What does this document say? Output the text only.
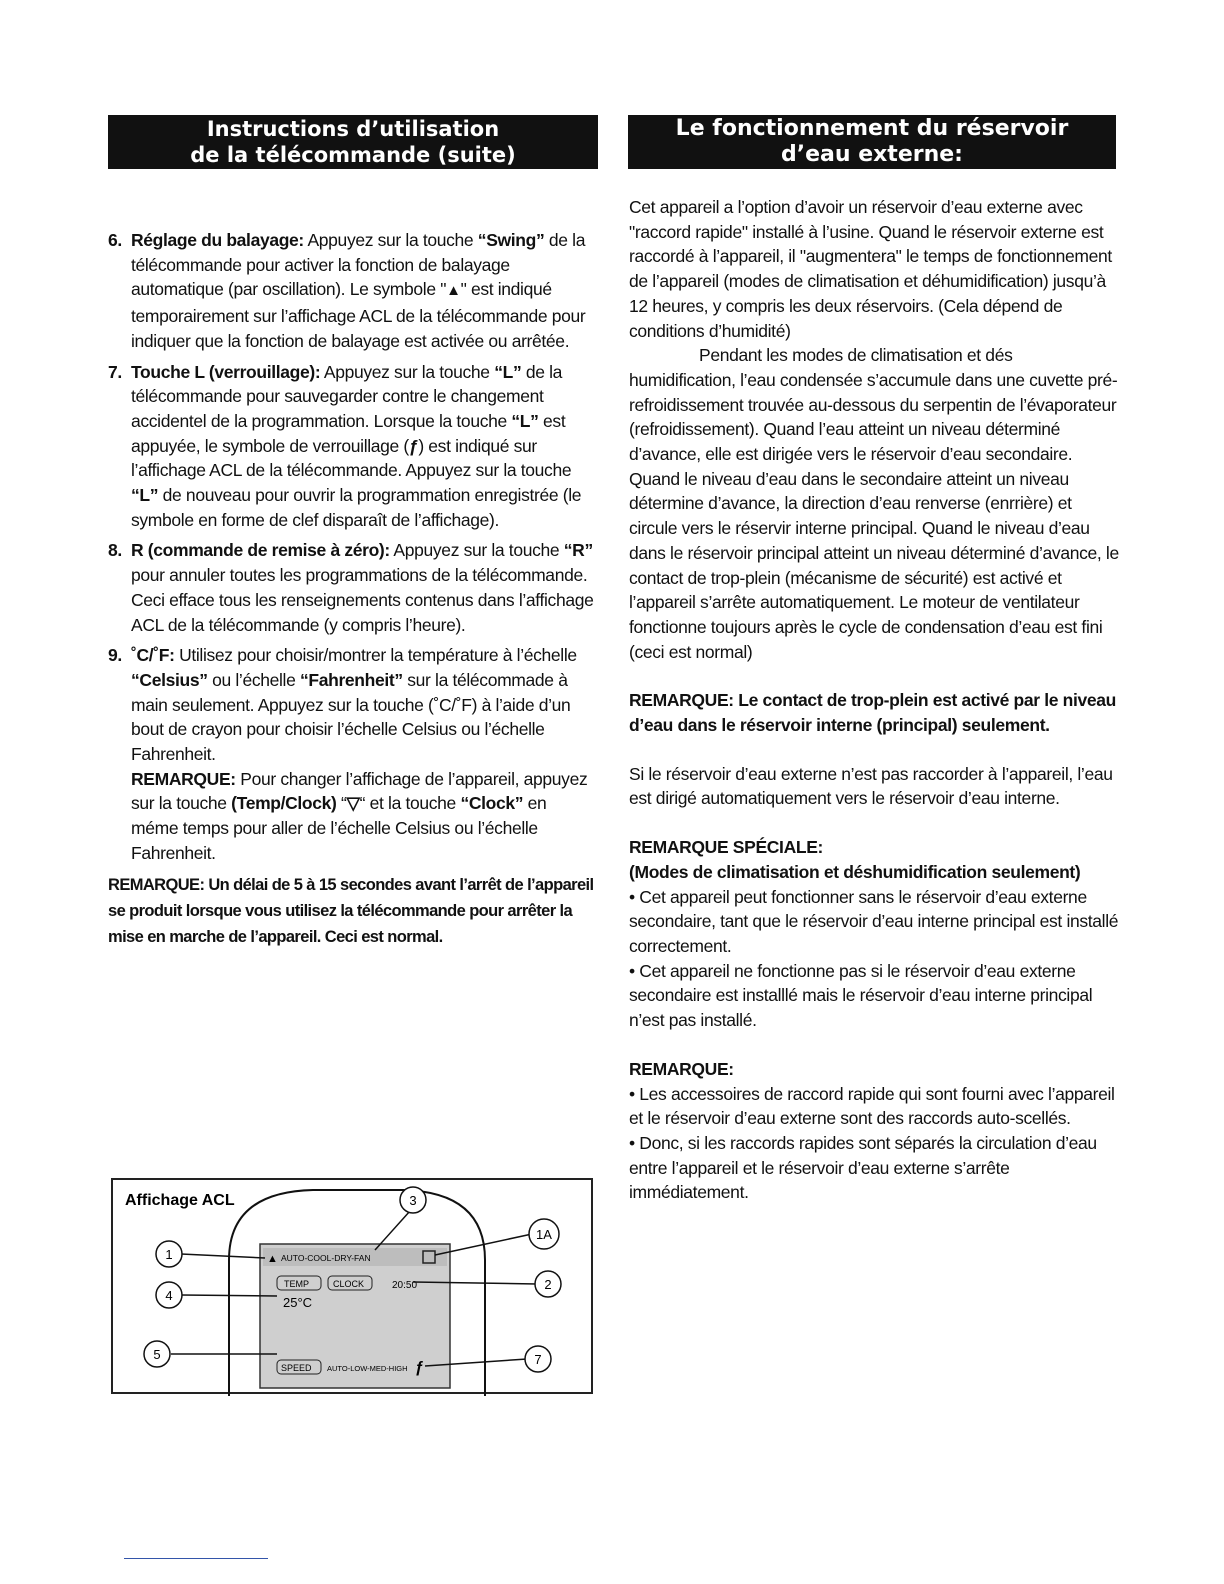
Instructions d’utilisation
de la télécommande (suite)
Le fonctionnement du réservoir
d’eau externe:
6. Réglage du balayage: Appuyez sur la touche “Swing” de la télécommande pour activer la fonction de balayage automatique (par oscillation). Le symbole "▲" est indiqué temporairement sur l’affichage ACL de la télécommande pour indiquer que la fonction de balayage est activée ou arrêtée.
7. Touche L (verrouillage): Appuyez sur la touche “L” de la télécommande pour sauvegarder contre le changement accidentel de la programmation. Lorsque la touche “L” est appuyée, le symbole de verrouillage (ƒ) est indiqué sur l’affichage ACL de la télécommande. Appuyez sur la touche “L” de nouveau pour ouvrir la programmation enregistrée (le symbole en forme de clef disparaît de l’affichage).
8. R (commande de remise à zéro): Appuyez sur la touche “R” pour annuler toutes les programmations de la télécommande. Ceci efface tous les renseignements contenus dans l’affichage ACL de la télécommande (y compris l’heure).
9. ˚C/˚F: Utilisez pour choisir/montrer la température à l’échelle “Celsius” ou l’échelle “Fahrenheit” sur la télécommade à main seulement. Appuyez sur la touche (˚C/˚F) à l’aide d’un bout de crayon pour choisir l’échelle Celsius ou l’échelle Fahrenheit.
REMARQUE: Pour changer l’affichage de l’appareil, appuyez sur la touche (Temp/Clock) “▽“ et la touche “Clock” en méme temps pour aller de l’échelle Celsius ou l’échelle Fahrenheit.
REMARQUE: Un délai de 5 à 15 secondes avant l’arrêt de l’appareil se produit lorsque vous utilisez la télécommande pour arrêter la mise en marche de l’appareil. Ceci est normal.
Affichage ACL
▲ AUTO-COOL-DRY-FAN
TEMP	CLOCK	20:50
25°C
SPEED AUTO-LOW-MED-HIGH ƒ
1
4
5
3
1A
2
7

Cet appareil a l’option d’avoir un réservoir d’eau externe avec "raccord rapide" installé à l’usine. Quand le réservoir externe est raccordé à l’appareil, il "augmentera" le temps de fonctionnement de l’appareil (modes de climatisation et déhumidification) jusqu’à 12 heures, y compris les deux réservoirs. (Cela dépend de conditions d’humidité)

Pendant les modes de climatisation et dés humidification, l’eau condensée s’accumule dans une cuvette pré-refroidissement trouvée au-dessous du serpentin de l’évaporateur (refroidissement). Quand l’eau atteint un niveau déterminé d’avance, elle est dirigée vers le réservoir d’eau secondaire. Quand le niveau d’eau dans le secondaire atteint un niveau détermine d’avance, la direction d’eau renverse (enrrière) et circule vers le réservir interne principal. Quand le niveau d’eau dans le réservoir principal atteint un niveau déterminé d’avance, le contact de trop-plein (mécanisme de sécurité) est activé et l’appareil s’arrête automatiquement. Le moteur de ventilateur fonctionne toujours après le cycle de condensation d’eau est fini

(ceci est normal)

REMARQUE: Le contact de trop-plein est activé par le niveau d’eau dans le réservoir interne (principal) seulement.

Si le réservoir d’eau externe n’est pas raccorder à l’appareil, l’eau est dirigé automatiquement vers le réservoir d’eau interne.

REMARQUE SPÉCIALE:

(Modes de climatisation et déshumidification seulement)

• Cet appareil peut fonctionner sans le réservoir d’eau externe secondaire, tant que le réservoir d’eau interne principal est installé correctement.

• Cet appareil ne fonctionne pas si le réservoir d’eau externe secondaire est installlé mais le réservoir d’eau interne principal n’est pas installé.

REMARQUE:

• Les accessoires de raccord rapide qui sont fourni avec l’appareil et le réservoir d’eau externe sont des raccords auto-scellés.

• Donc, si les raccords rapides sont séparés la circulation d’eau entre l’appareil et le réservoir d’eau externe s’arrête immédiatement.
